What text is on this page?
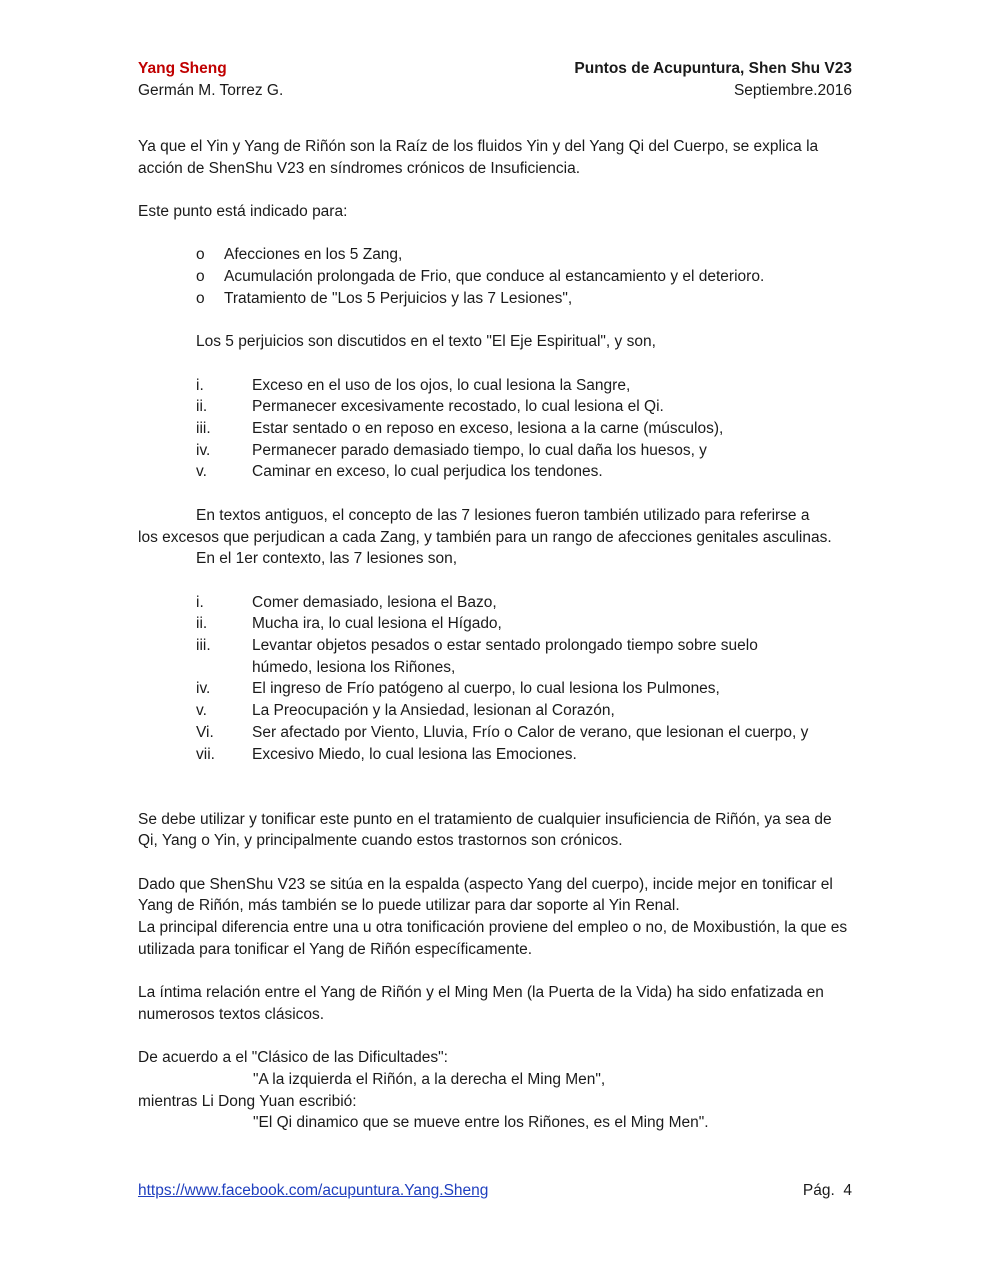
Yang Sheng
Germán M. Torrez G.
Puntos de Acupuntura, Shen Shu V23
Septiembre.2016

Ya que el Yin y Yang de Riñón son la Raíz de los fluidos Yin y del Yang Qi del Cuerpo, se explica la acción de ShenShu V23 en síndromes crónicos de Insuficiencia.

Este punto está indicado para:

o	Afecciones en los 5 Zang,
o	Acumulación prolongada de Frio, que conduce al estancamiento y el deterioro.
o	Tratamiento de "Los 5 Perjuicios y las 7 Lesiones",

Los 5 perjuicios son discutidos en el texto "El Eje Espiritual", y son,

i.	Exceso en el uso de los ojos, lo cual lesiona la Sangre,
ii.	Permanecer excesivamente recostado, lo cual lesiona el Qi.
iii.	Estar sentado o en reposo en exceso, lesiona a la carne (músculos),
iv.	Permanecer parado demasiado tiempo, lo cual daña los huesos, y
v.	Caminar en exceso, lo cual perjudica los tendones.

En textos antiguos, el concepto de las 7 lesiones fueron también utilizado para referirse a

los excesos que perjudican a cada Zang, y también para un rango de afecciones genitales asculinas.

En el 1er contexto, las 7 lesiones son,

i.	Comer demasiado, lesiona el Bazo,
ii.	Mucha ira, lo cual lesiona el Hígado,
iii.	Levantar objetos pesados o estar sentado prolongado tiempo sobre suelo húmedo, lesiona los Riñones,
iv.	El ingreso de Frío patógeno al cuerpo, lo cual lesiona los Pulmones,
v.	La Preocupación y la Ansiedad, lesionan al Corazón,
Vi.	Ser afectado por Viento, Lluvia, Frío o Calor de verano, que lesionan el cuerpo, y
vii.	Excesivo Miedo, lo cual lesiona las Emociones.

Se debe utilizar y tonificar este punto en el tratamiento de cualquier insuficiencia de Riñón, ya sea de Qi, Yang o Yin, y principalmente cuando estos trastornos son crónicos.

Dado que ShenShu V23 se sitúa en la espalda (aspecto Yang del cuerpo), incide mejor en tonificar el Yang de Riñón, más también se lo puede utilizar para dar soporte al Yin Renal.

La principal diferencia entre una u otra tonificación proviene del empleo o no, de Moxibustión, la que es utilizada para tonificar el Yang de Riñón específicamente.

La íntima relación entre el Yang de Riñón y el Ming Men (la Puerta de la Vida) ha sido enfatizada en numerosos textos clásicos.

De acuerdo a el "Clásico de las Dificultades":

"A la izquierda el Riñón, a la derecha el Ming Men",

mientras Li Dong Yuan escribió:

"El Qi dinamico que se mueve entre los Riñones, es el Ming Men".

https://www.facebook.com/acupuntura.Yang.Sheng	Pág.  4
